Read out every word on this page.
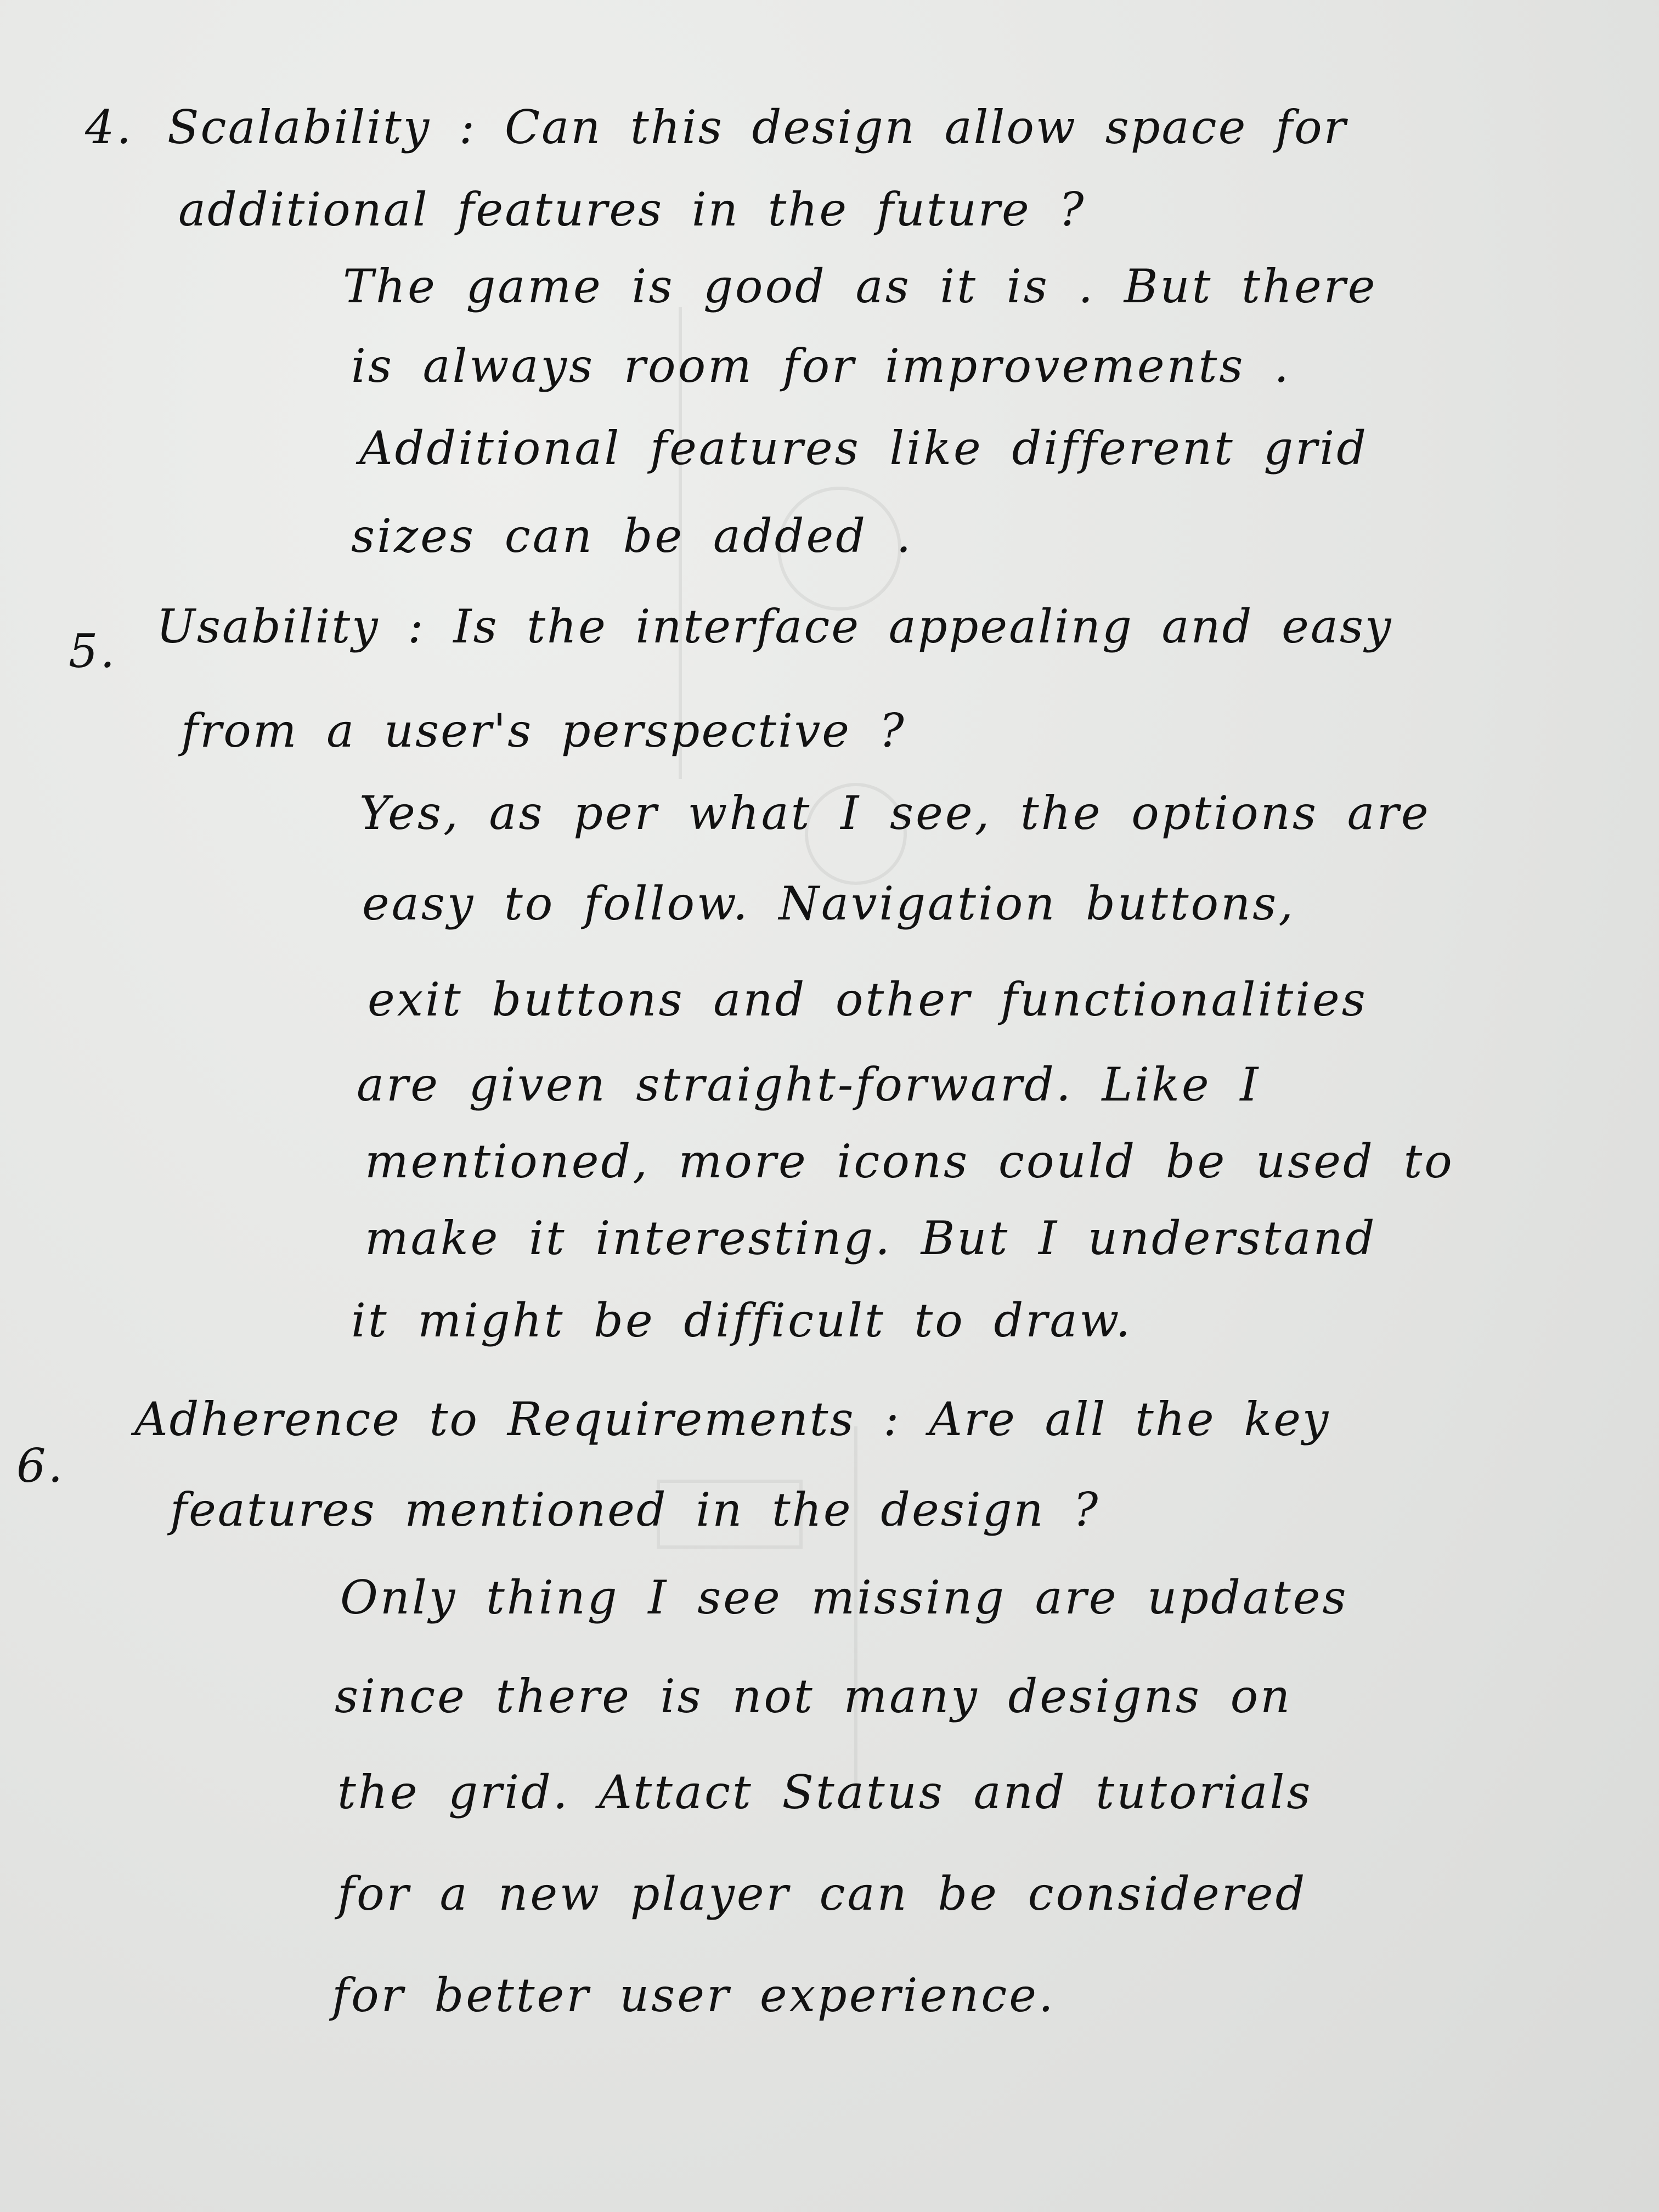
4. Scalability : Can this design allow space for
additional features in the future ?
The game is good as it is . But there
is always room for improvements .
Additional features like different grid
sizes can be added .
5. Usability : Is the interface appealing and easy
from a user's perspective ?
Yes, as per what I see, the options are
easy to follow. Navigation buttons,
exit buttons and other functionalities
are given straight-forward. Like I
mentioned, more icons could be used to
make it interesting. But I understand
it might be difficult to draw.
6.
Adherence to Requirements : Are all the key
features mentioned in the design ?
Only thing I see missing are updates
since there is not many designs on
the grid. Attact Status and tutorials
for a new player can be considered
for better user experience.
